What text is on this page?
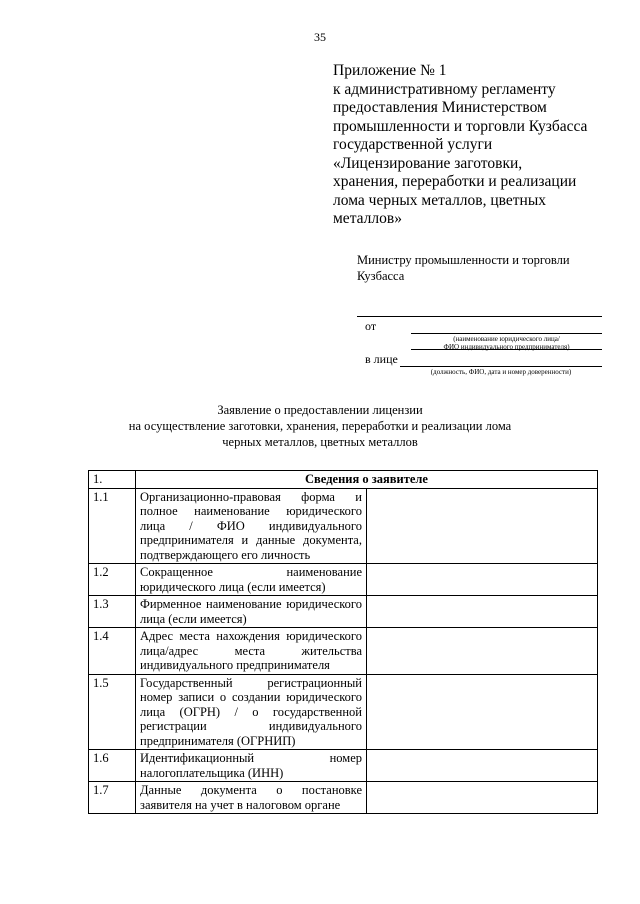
35
Приложение № 1
к административному регламенту
предоставления Министерством
промышленности и торговли Кузбасса
государственной услуги
«Лицензирование заготовки,
хранения, переработки и реализации
лома черных металлов, цветных
металлов»
Министру промышленности и торговли
Кузбасса
от
(наименование юридического лица/
ФИО индивидуального предпринимателя)
в лице
(должность, ФИО, дата и номер доверенности)
Заявление о предоставлении лицензии
на осуществление заготовки, хранения, переработки и реализации лома
черных металлов, цветных металлов
1.	Сведения о заявителе	
1.1	Организационно-правовая форма и полное наименование юридического лица / ФИО индивидуального предпринимателя и данные документа, подтверждающего его личность	
1.2	Сокращенное наименование юридического лица (если имеется)	
1.3	Фирменное наименование юридического лица (если имеется)	
1.4	Адрес места нахождения юридического лица/адрес места жительства индивидуального предпринимателя	
1.5	Государственный регистрационный номер записи о создании юридического лица (ОГРН) / о государственной регистрации индивидуального предпринимателя (ОГРНИП)	
1.6	Идентификационный номер налогоплательщика (ИНН)	
1.7	Данные документа о постановке заявителя на учет в налоговом органе	
